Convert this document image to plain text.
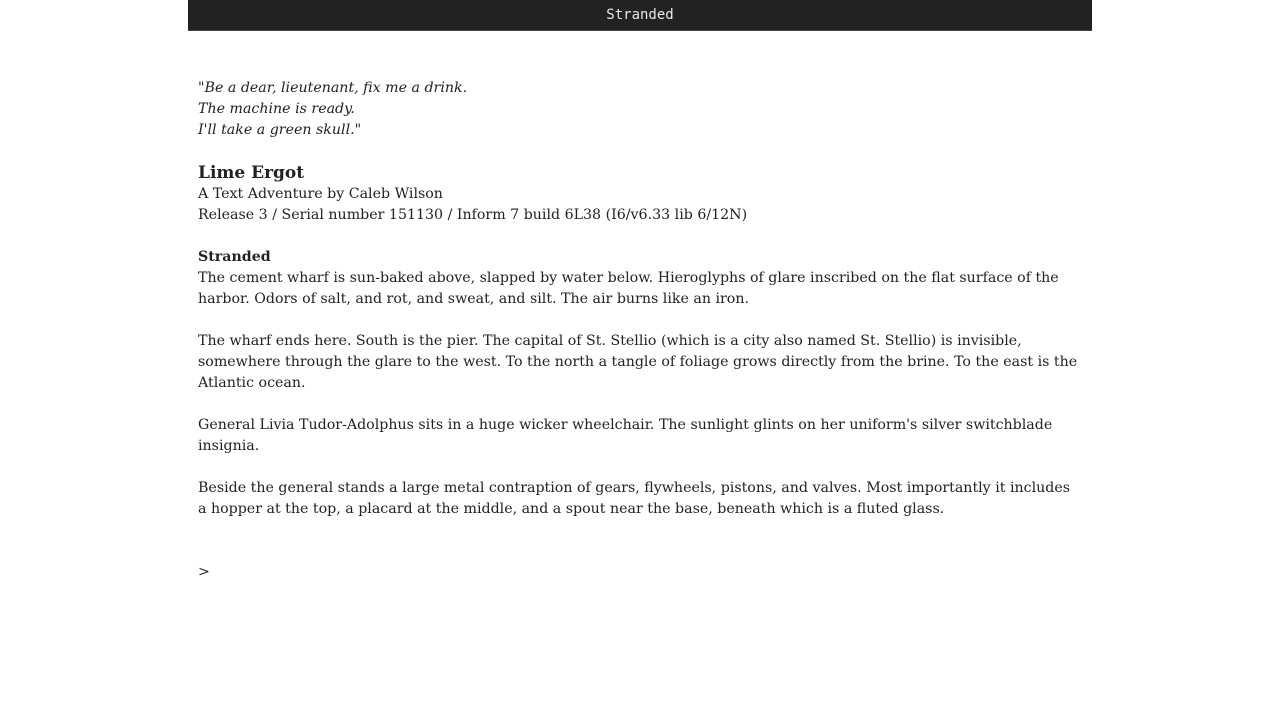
Stranded

"Be a dear, lieutenant, fix me a drink.

The machine is ready.

I'll take a green skull."

Lime Ergot

A Text Adventure by Caleb Wilson

Release 3 / Serial number 151130 / Inform 7 build 6L38 (I6/v6.33 lib 6/12N)

Stranded

The cement wharf is sun-baked above, slapped by water below. Hieroglyphs of glare inscribed on the flat surface of the harbor. Odors of salt, and rot, and sweat, and silt. The air burns like an iron.

The wharf ends here. South is the pier. The capital of St. Stellio (which is a city also named St. Stellio) is invisible, somewhere through the glare to the west. To the north a tangle of foliage grows directly from the brine. To the east is the Atlantic ocean.

General Livia Tudor-Adolphus sits in a huge wicker wheelchair. The sunlight glints on her uniform's silver switchblade insignia.

Beside the general stands a large metal contraption of gears, flywheels, pistons, and valves. Most importantly it includes a hopper at the top, a placard at the middle, and a spout near the base, beneath which is a fluted glass.

>
